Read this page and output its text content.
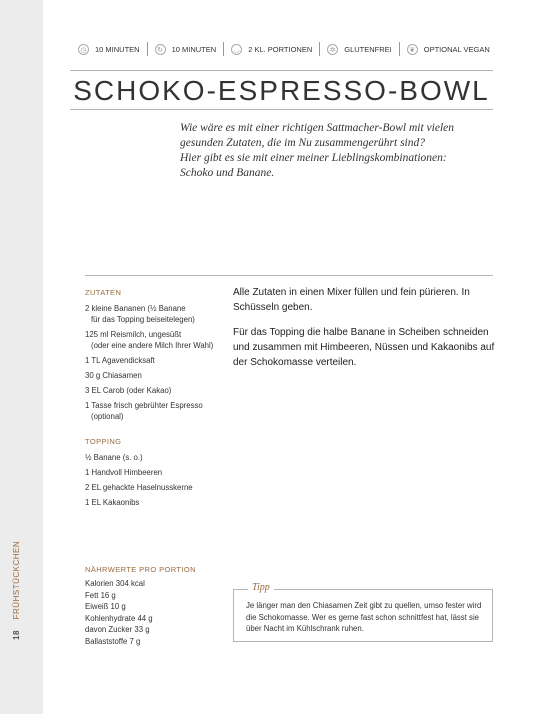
18 FRÜHSTÜCKCHEN
◷	10 MINUTEN	↻	10 MINUTEN	◡	2 KL. PORTIONEN	✲	GLUTENFREI	❦	OPTIONAL VEGAN
SCHOKO-ESPRESSO-BOWL
Wie wäre es mit einer richtigen Sattmacher-Bowl mit vielen
gesunden Zutaten, die im Nu zusammengerührt sind?
Hier gibt es sie mit einer meiner Lieblingskombinationen:
Schoko und Banane.
ZUTATEN
2 kleine Bananen (½ Banane
für das Topping beiseitelegen)
125 ml Reismilch, ungesüßt
(oder eine andere Milch Ihrer Wahl)
1 TL Agavendicksaft
30 g Chiasamen
3 EL Carob (oder Kakao)
1 Tasse frisch gebrühter Espresso
(optional)
TOPPING
½ Banane (s. o.)
1 Handvoll Himbeeren
2 EL gehackte Haselnusskerne
1 EL Kakaonibs

Alle Zutaten in einen Mixer füllen und fein pürieren. In Schüsseln geben.

Für das Topping die halbe Banane in Scheiben schneiden und zusammen mit Himbeeren, Nüssen und Kakaonibs auf der Schokomasse verteilen.

NÄHRWERTE PRO PORTION
Kalorien 304 kcal
Fett 16 g
Eiweiß 10 g
Kohlenhydrate 44 g
davon Zucker 33 g
Ballaststoffe 7 g
Tipp
Je länger man den Chiasamen Zeit gibt zu quellen, umso fester wird die Schokomasse. Wer es gerne fast schon schnittfest hat, lässt sie über Nacht im Kühlschrank ruhen.
